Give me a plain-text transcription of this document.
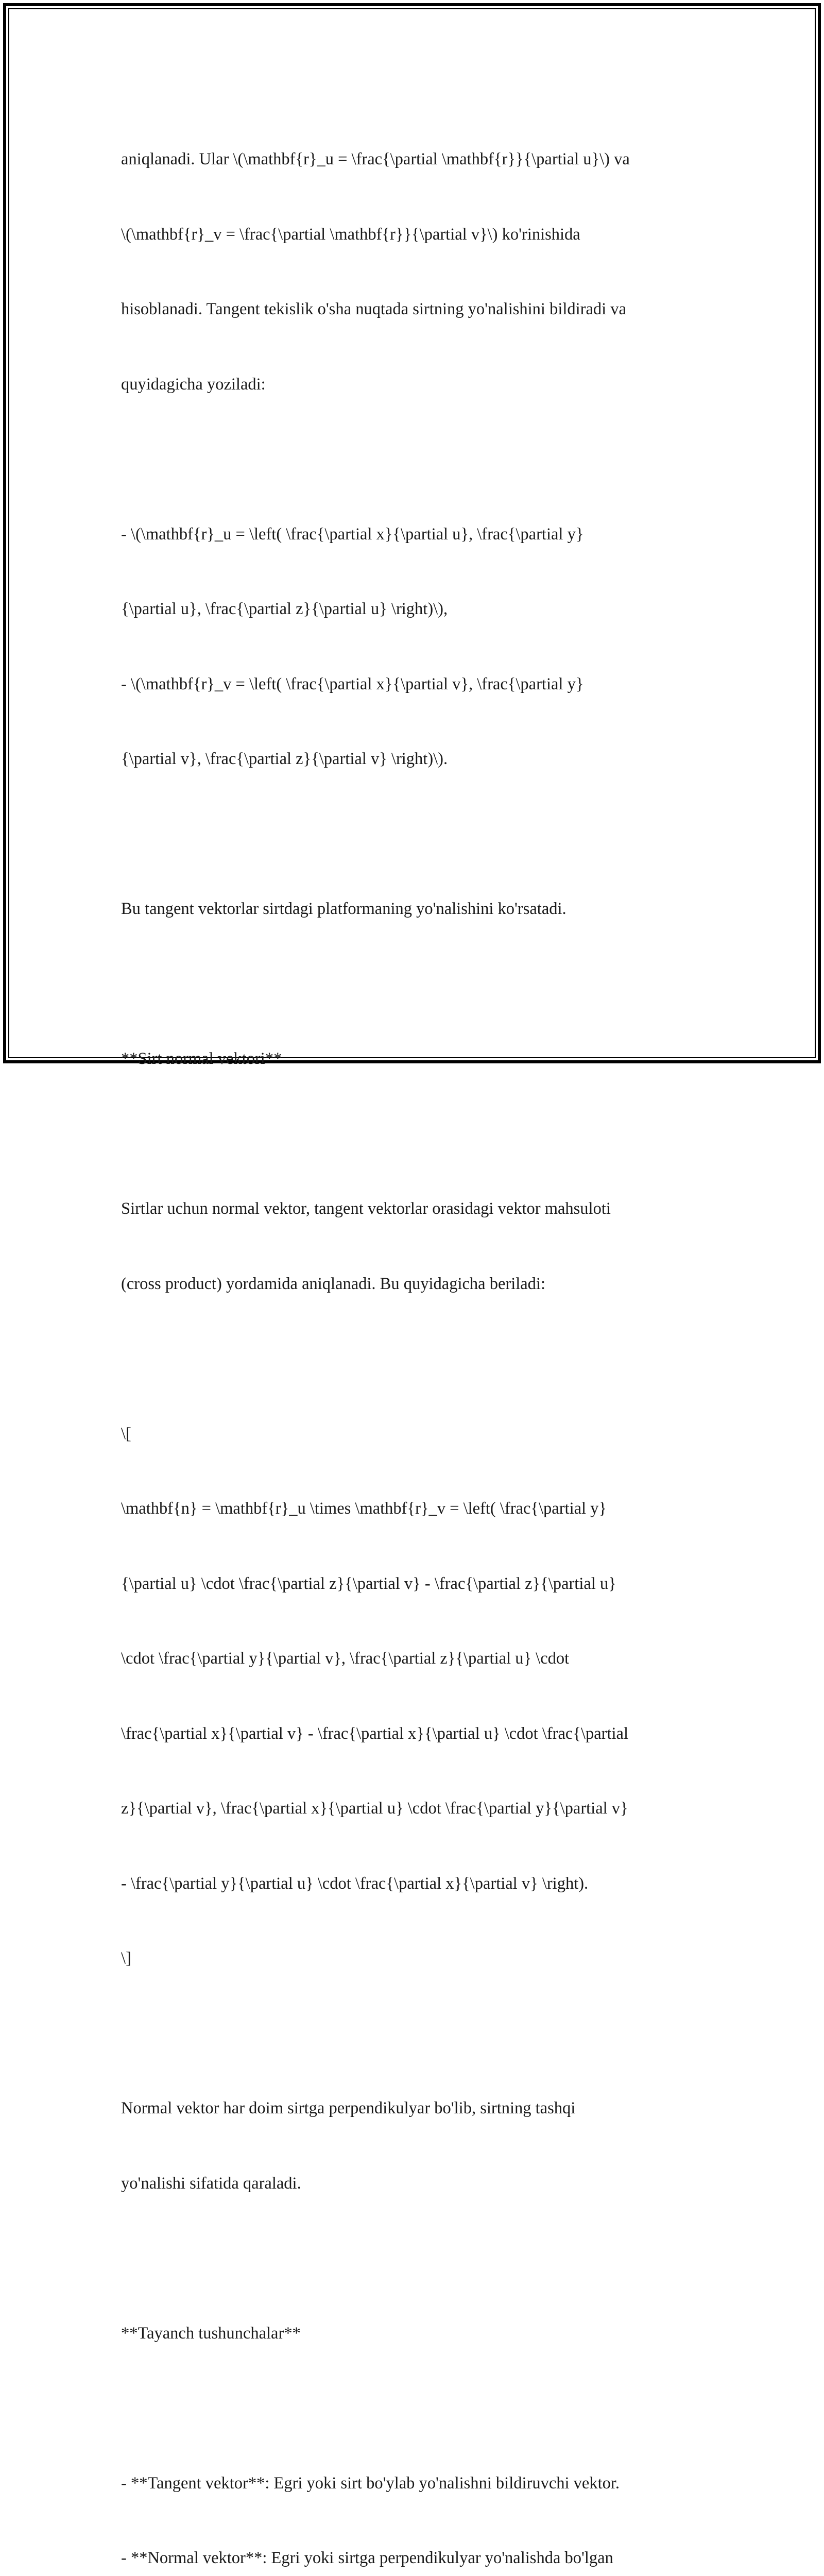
aniqlanadi. Ular \(\mathbf{r}_u = \frac{\partial \mathbf{r}}{\partial u}\) va

\(\mathbf{r}_v = \frac{\partial \mathbf{r}}{\partial v}\) ko'rinishida

hisoblanadi. Tangent tekislik o'sha nuqtada sirtning yo'nalishini bildiradi va

quyidagicha yoziladi:

- \(\mathbf{r}_u = \left( \frac{\partial x}{\partial u}, \frac{\partial y}

{\partial u}, \frac{\partial z}{\partial u} \right)\),

- \(\mathbf{r}_v = \left( \frac{\partial x}{\partial v}, \frac{\partial y}

{\partial v}, \frac{\partial z}{\partial v} \right)\).

Bu tangent vektorlar sirtdagi platformaning yo'nalishini ko'rsatadi.

**Sirt normal vektori**

Sirtlar uchun normal vektor, tangent vektorlar orasidagi vektor mahsuloti

(cross product) yordamida aniqlanadi. Bu quyidagicha beriladi:

\[

\mathbf{n} = \mathbf{r}_u \times \mathbf{r}_v = \left( \frac{\partial y}

{\partial u} \cdot \frac{\partial z}{\partial v} - \frac{\partial z}{\partial u}

\cdot \frac{\partial y}{\partial v}, \frac{\partial z}{\partial u} \cdot

\frac{\partial x}{\partial v} - \frac{\partial x}{\partial u} \cdot \frac{\partial

z}{\partial v}, \frac{\partial x}{\partial u} \cdot \frac{\partial y}{\partial v}

- \frac{\partial y}{\partial u} \cdot \frac{\partial x}{\partial v} \right).

\]

Normal vektor har doim sirtga perpendikulyar bo'lib, sirtning tashqi

yo'nalishi sifatida qaraladi.

**Tayanch tushunchalar**

- **Tangent vektor**: Egri yoki sirt bo'ylab yo'nalishni bildiruvchi vektor.

- **Normal vektor**: Egri yoki sirtga perpendikulyar yo'nalishda bo'lgan
